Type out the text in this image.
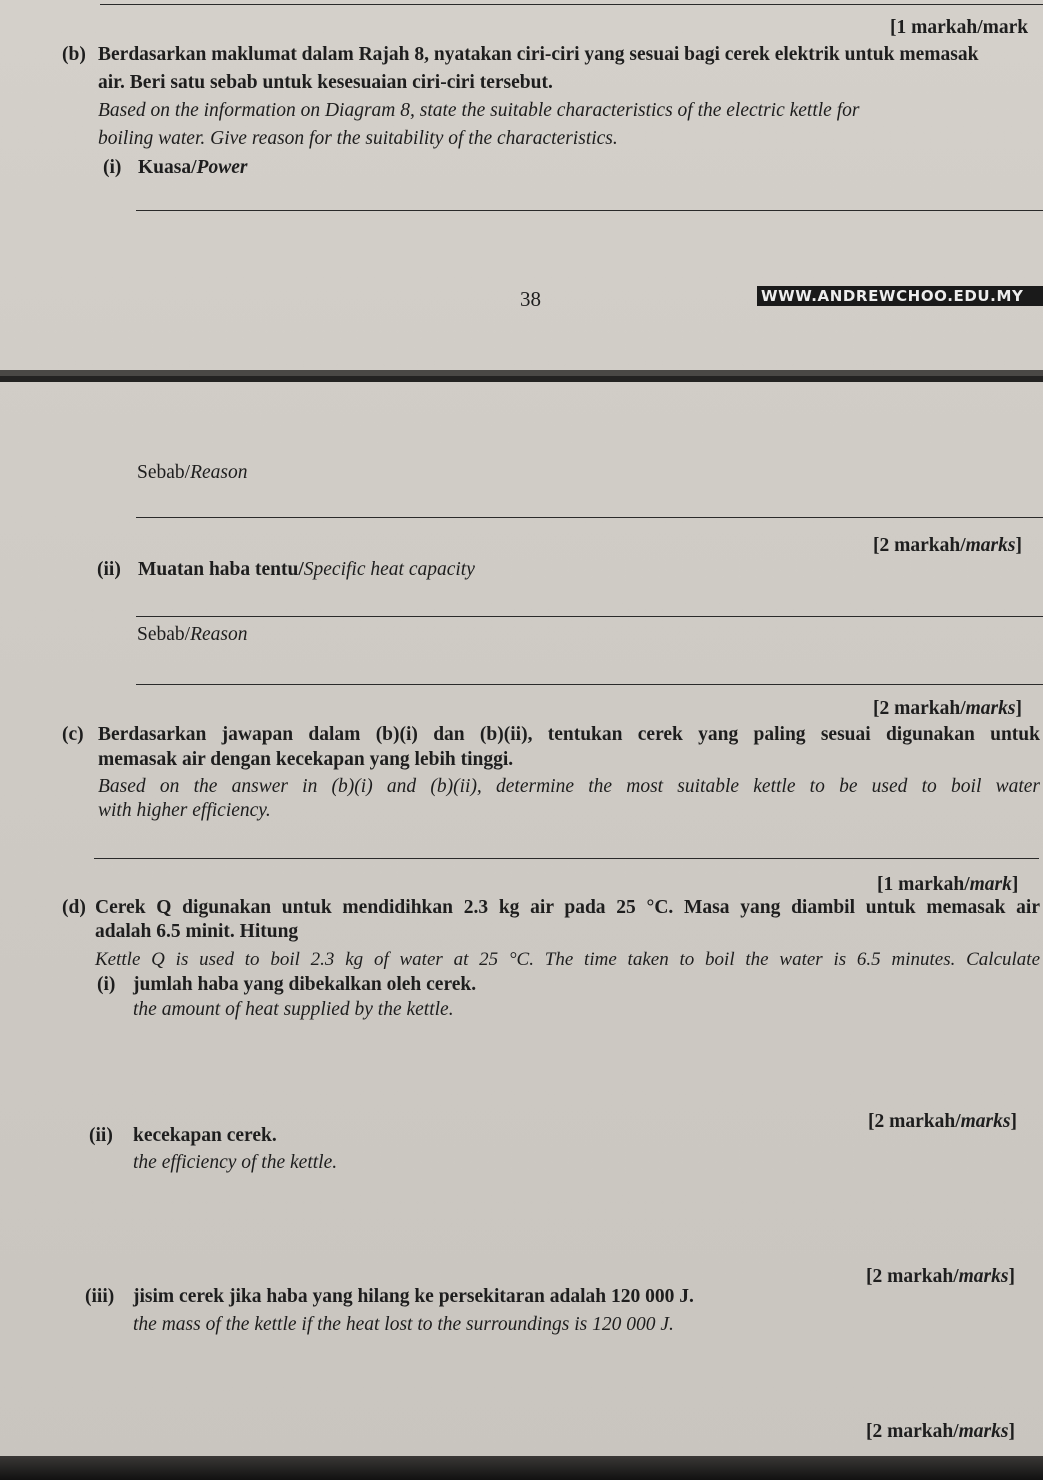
[1 markah/mark
(b) Berdasarkan maklumat dalam Rajah 8, nyatakan ciri-ciri yang sesuai bagi cerek elektrik untuk memasak
air. Beri satu sebab untuk kesesuaian ciri-ciri tersebut.
Based on the information on Diagram 8, state the suitable characteristics of the electric kettle for
boiling water. Give reason for the suitability of the characteristics.
(i) Kuasa/Power
38	WWW.ANDREWCHOO.EDU.MY
Sebab/Reason
[2 markah/marks]
(ii) Muatan haba tentu/Specific heat capacity
Sebab/Reason
[2 markah/marks]
(c) Berdasarkan jawapan dalam (b)(i) dan (b)(ii), tentukan cerek yang paling sesuai digunakan untuk
memasak air dengan kecekapan yang lebih tinggi.
Based on the answer in (b)(i) and (b)(ii), determine the most suitable kettle to be used to boil water
with higher efficiency.
[1 markah/mark]
(d) Cerek Q digunakan untuk mendidihkan 2.3 kg air pada 25 °C. Masa yang diambil untuk memasak air
adalah 6.5 minit. Hitung
Kettle Q is used to boil 2.3 kg of water at 25 °C. The time taken to boil the water is 6.5 minutes. Calculate
(i) jumlah haba yang dibekalkan oleh cerek.
the amount of heat supplied by the kettle.
[2 markah/marks]
(ii) kecekapan cerek.
the efficiency of the kettle.
[2 markah/marks]
(iii) jisim cerek jika haba yang hilang ke persekitaran adalah 120 000 J.
the mass of the kettle if the heat lost to the surroundings is 120 000 J.
[2 markah/marks]
